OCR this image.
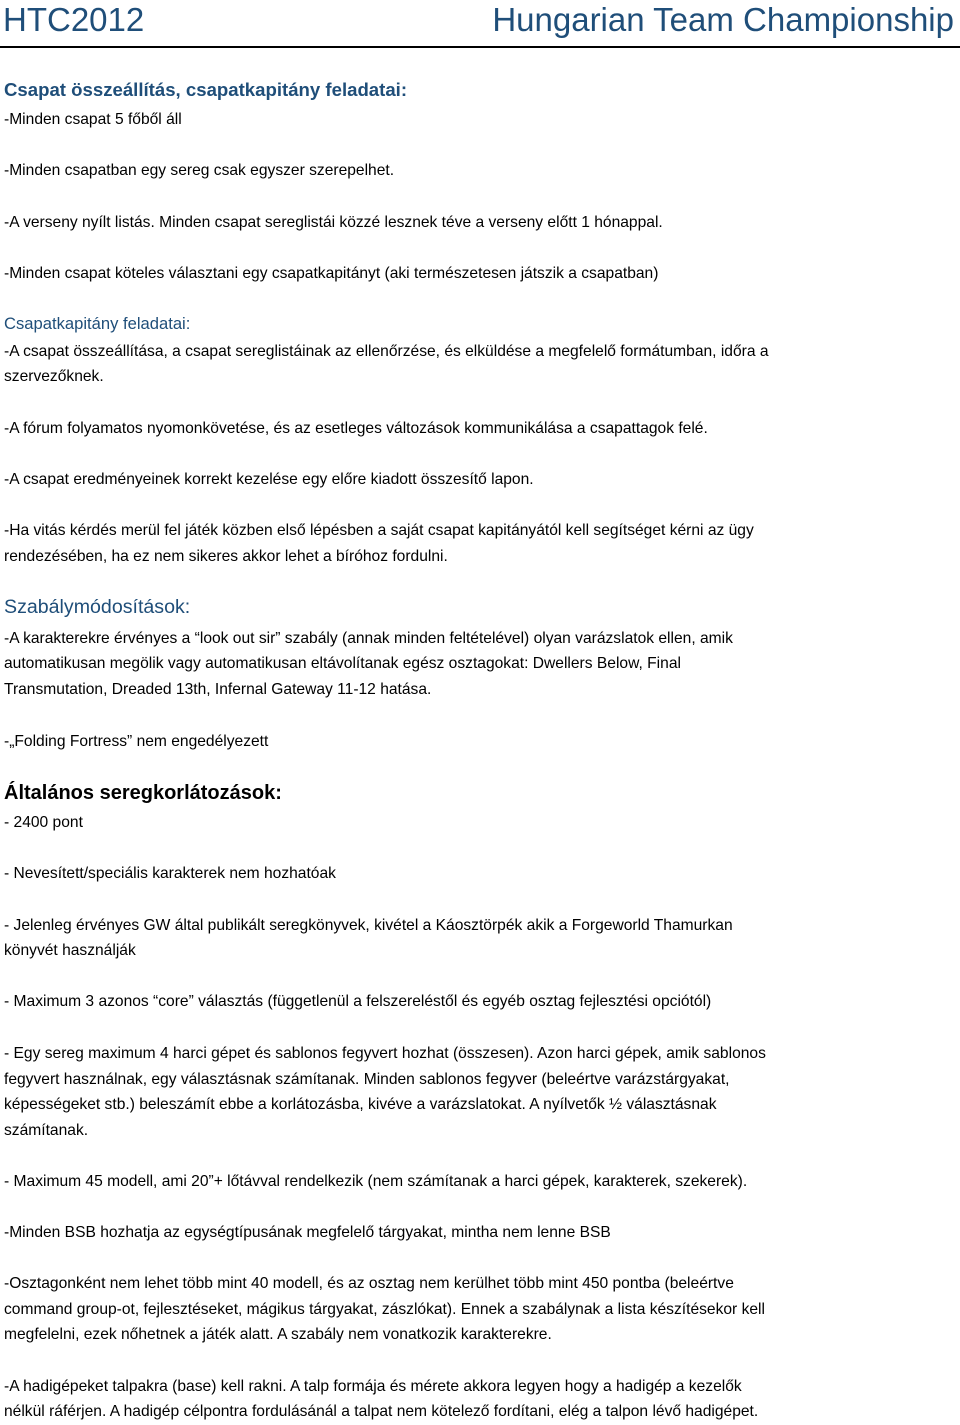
HTC2012	Hungarian Team Championship
Csapat összeállítás, csapatkapitány feladatai:
-Minden csapat 5 főből áll
-Minden csapatban egy sereg csak egyszer szerepelhet.
-A verseny nyílt listás. Minden csapat sereglistái közzé lesznek téve a verseny előtt 1 hónappal.
-Minden csapat köteles választani egy csapatkapitányt (aki természetesen játszik a csapatban)
Csapatkapitány feladatai:
-A csapat összeállítása, a csapat sereglistáinak az ellenőrzése, és elküldése a megfelelő formátumban, időra a
szervezőknek.
-A fórum folyamatos nyomonkövetése, és az esetleges változások kommunikálása a csapattagok felé.
-A csapat eredményeinek korrekt kezelése egy előre kiadott összesítő lapon.
-Ha vitás kérdés merül fel játék közben első lépésben a saját csapat kapitányától kell segítséget kérni az ügy
rendezésében, ha ez nem sikeres akkor lehet a bíróhoz fordulni.
Szabálymódosítások:
-A karakterekre érvényes a “look out sir” szabály (annak minden feltételével) olyan varázslatok ellen, amik
automatikusan megölik vagy automatikusan eltávolítanak egész osztagokat: Dwellers Below, Final
Transmutation, Dreaded 13th, Infernal Gateway 11-12 hatása.
-„Folding Fortress” nem engedélyezett
Általános seregkorlátozások:
- 2400 pont
- Nevesített/speciális karakterek nem hozhatóak
- Jelenleg érvényes GW által publikált seregkönyvek, kivétel a Káosztörpék akik a Forgeworld Thamurkan
könyvét használják
- Maximum 3 azonos “core” választás (függetlenül a felszereléstől és egyéb osztag fejlesztési opciótól)
- Egy sereg maximum 4 harci gépet és sablonos fegyvert hozhat (összesen). Azon harci gépek, amik sablonos
fegyvert használnak, egy választásnak számítanak. Minden sablonos fegyver (beleértve varázstárgyakat,
képességeket stb.) beleszámít ebbe a korlátozásba, kivéve a varázslatokat. A nyílvetők ½ választásnak
számítanak.
- Maximum 45 modell, ami 20”+ lőtávval rendelkezik (nem számítanak a harci gépek, karakterek, szekerek).
-Minden BSB hozhatja az egységtípusának megfelelő tárgyakat, mintha nem lenne BSB
-Osztagonként nem lehet több mint 40 modell, és az osztag nem kerülhet több mint 450 pontba (beleértve
command group-ot, fejlesztéseket, mágikus tárgyakat, zászlókat). Ennek a szabálynak a lista készítésekor kell
megfelelni, ezek nőhetnek a játék alatt. A szabály nem vonatkozik karakterekre.
-A hadigépeket talpakra (base) kell rakni. A talp formája és mérete akkora legyen hogy a hadigép a kezelők
nélkül ráférjen. A hadigép célpontra fordulásánál a talpat nem kötelező fordítani, elég a talpon lévő hadigépet.
